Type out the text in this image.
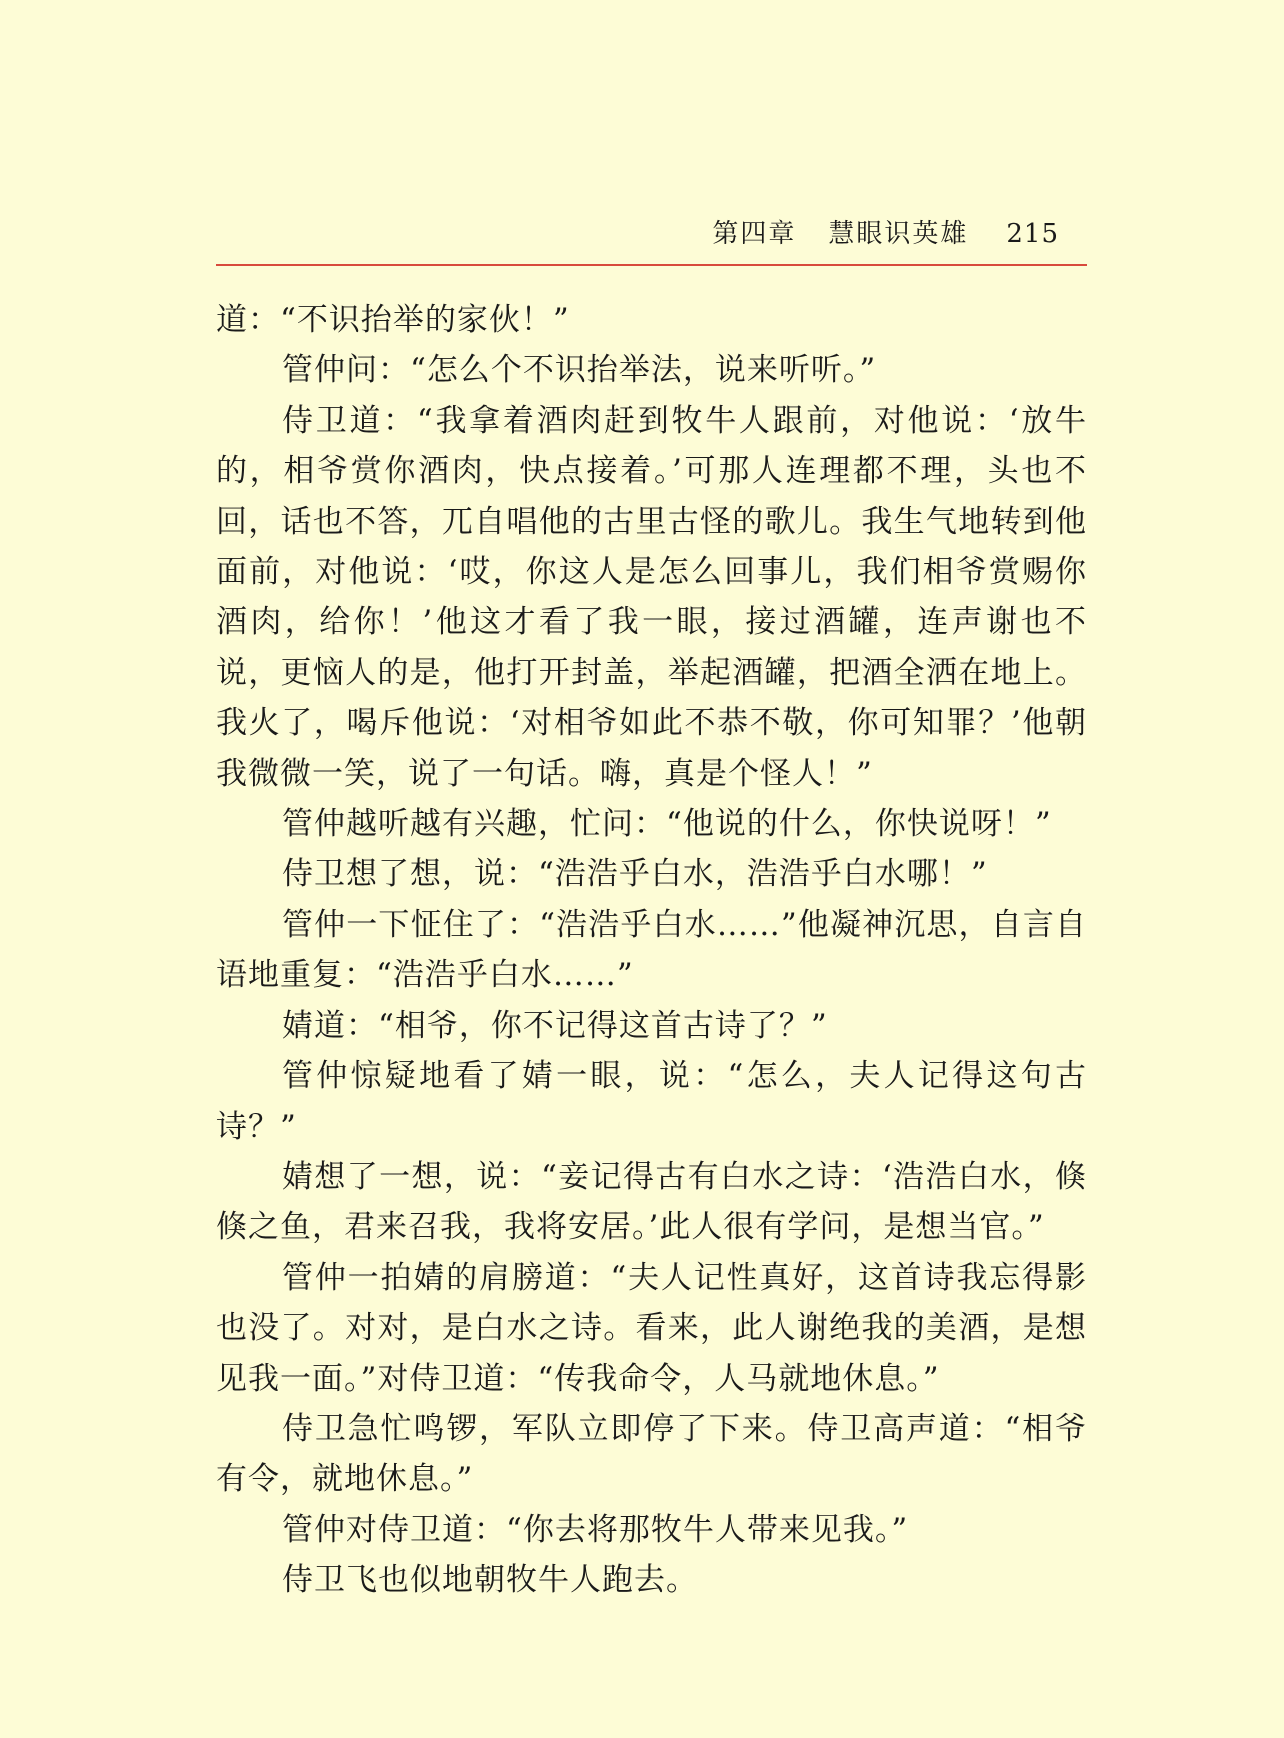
第四章 慧眼识英雄 215

道：“不识抬举的家伙！”

管仲问：“怎么个不识抬举法，说来听听。”

侍卫道：“我拿着酒肉赶到牧牛人跟前，对他说：‘放牛的，相爷赏你酒肉，快点接着。’可那人连理都不理，头也不回，话也不答，兀自唱他的古里古怪的歌儿。我生气地转到他面前，对他说：‘哎，你这人是怎么回事儿，我们相爷赏赐你酒肉，给你！’他这才看了我一眼，接过酒罐，连声谢也不说，更恼人的是，他打开封盖，举起酒罐，把酒全洒在地上。我火了，喝斥他说：‘对相爷如此不恭不敬，你可知罪？’他朝我微微一笑，说了一句话。嗨，真是个怪人！”

管仲越听越有兴趣，忙问：“他说的什么，你快说呀！”

侍卫想了想，说：“浩浩乎白水，浩浩乎白水哪！”

管仲一下怔住了：“浩浩乎白水……”他凝神沉思，自言自语地重复：“浩浩乎白水……”

婧道：“相爷，你不记得这首古诗了？”

管仲惊疑地看了婧一眼，说：“怎么，夫人记得这句古诗？”

婧想了一想，说：“妾记得古有白水之诗：‘浩浩白水，倏倏之鱼，君来召我，我将安居。’此人很有学问，是想当官。”

管仲一拍婧的肩膀道：“夫人记性真好，这首诗我忘得影也没了。对对，是白水之诗。看来，此人谢绝我的美酒，是想见我一面。”对侍卫道：“传我命令，人马就地休息。”

侍卫急忙鸣锣，军队立即停了下来。侍卫高声道：“相爷有令，就地休息。”

管仲对侍卫道：“你去将那牧牛人带来见我。”

侍卫飞也似地朝牧牛人跑去。
